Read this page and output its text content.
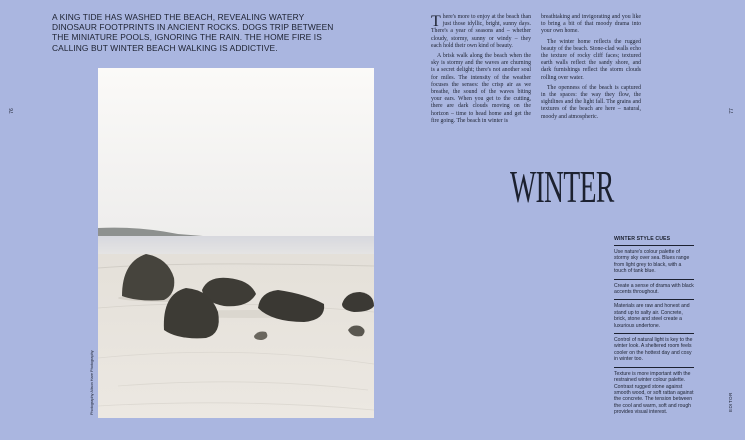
A KING TIDE HAS WASHED THE BEACH, REVEALING WATERY DINOSAUR FOOTPRINTS IN ANCIENT ROCKS. DOGS TRIP BETWEEN THE MINIATURE POOLS, IGNORING THE RAIN. THE HOME FIRE IS CALLING BUT WINTER BEACH WALKING IS ADDICTIVE.
76	77
EDITOR
Photography Alison Hare Photography

There's more to enjoy at the beach than just those idyllic, bright, sunny days. There's a year of seasons and – whether cloudy, stormy, sunny or windy – they each hold their own kind of beauty.

A brisk walk along the beach when the sky is stormy and the waves are churning is a secret delight; there's not another soul for miles. The intensity of the weather focuses the senses: the crisp air as we breathe, the sound of the waves biting your ears. When you get to the cutting, there are dark clouds moving on the horizon – time to head home and get the fire going. The beach in winter is

breathtaking and invigorating and you like to bring a bit of that moody drama into your own home.

The winter home reflects the rugged beauty of the beach. Stone-clad walls echo the texture of rocky cliff faces; textured earth walls reflect the sandy shore, and dark furnishings reflect the storm clouds rolling over water.

The openness of the beach is captured in the spaces: the way they flow, the sightlines and the light fall. The grains and textures of the beach are here – natural, moody and atmospheric.

WINTER
WINTER STYLE CUES
Use nature's colour palette of stormy sky over sea. Blues range from light grey to black, with a touch of tank blue.
Create a sense of drama with black accents throughout.
Materials are raw and honest and stand up to salty air. Concrete, brick, stone and steel create a luxurious undertone.
Control of natural light is key to the winter look. A sheltered room feels cooler on the hottest day and cosy in winter too.
Texture is more important with the restrained winter colour palette. Contrast rugged stone against smooth wood, or soft rattan against the concrete. The tension between the cool and warm, soft and rough provides visual interest.
